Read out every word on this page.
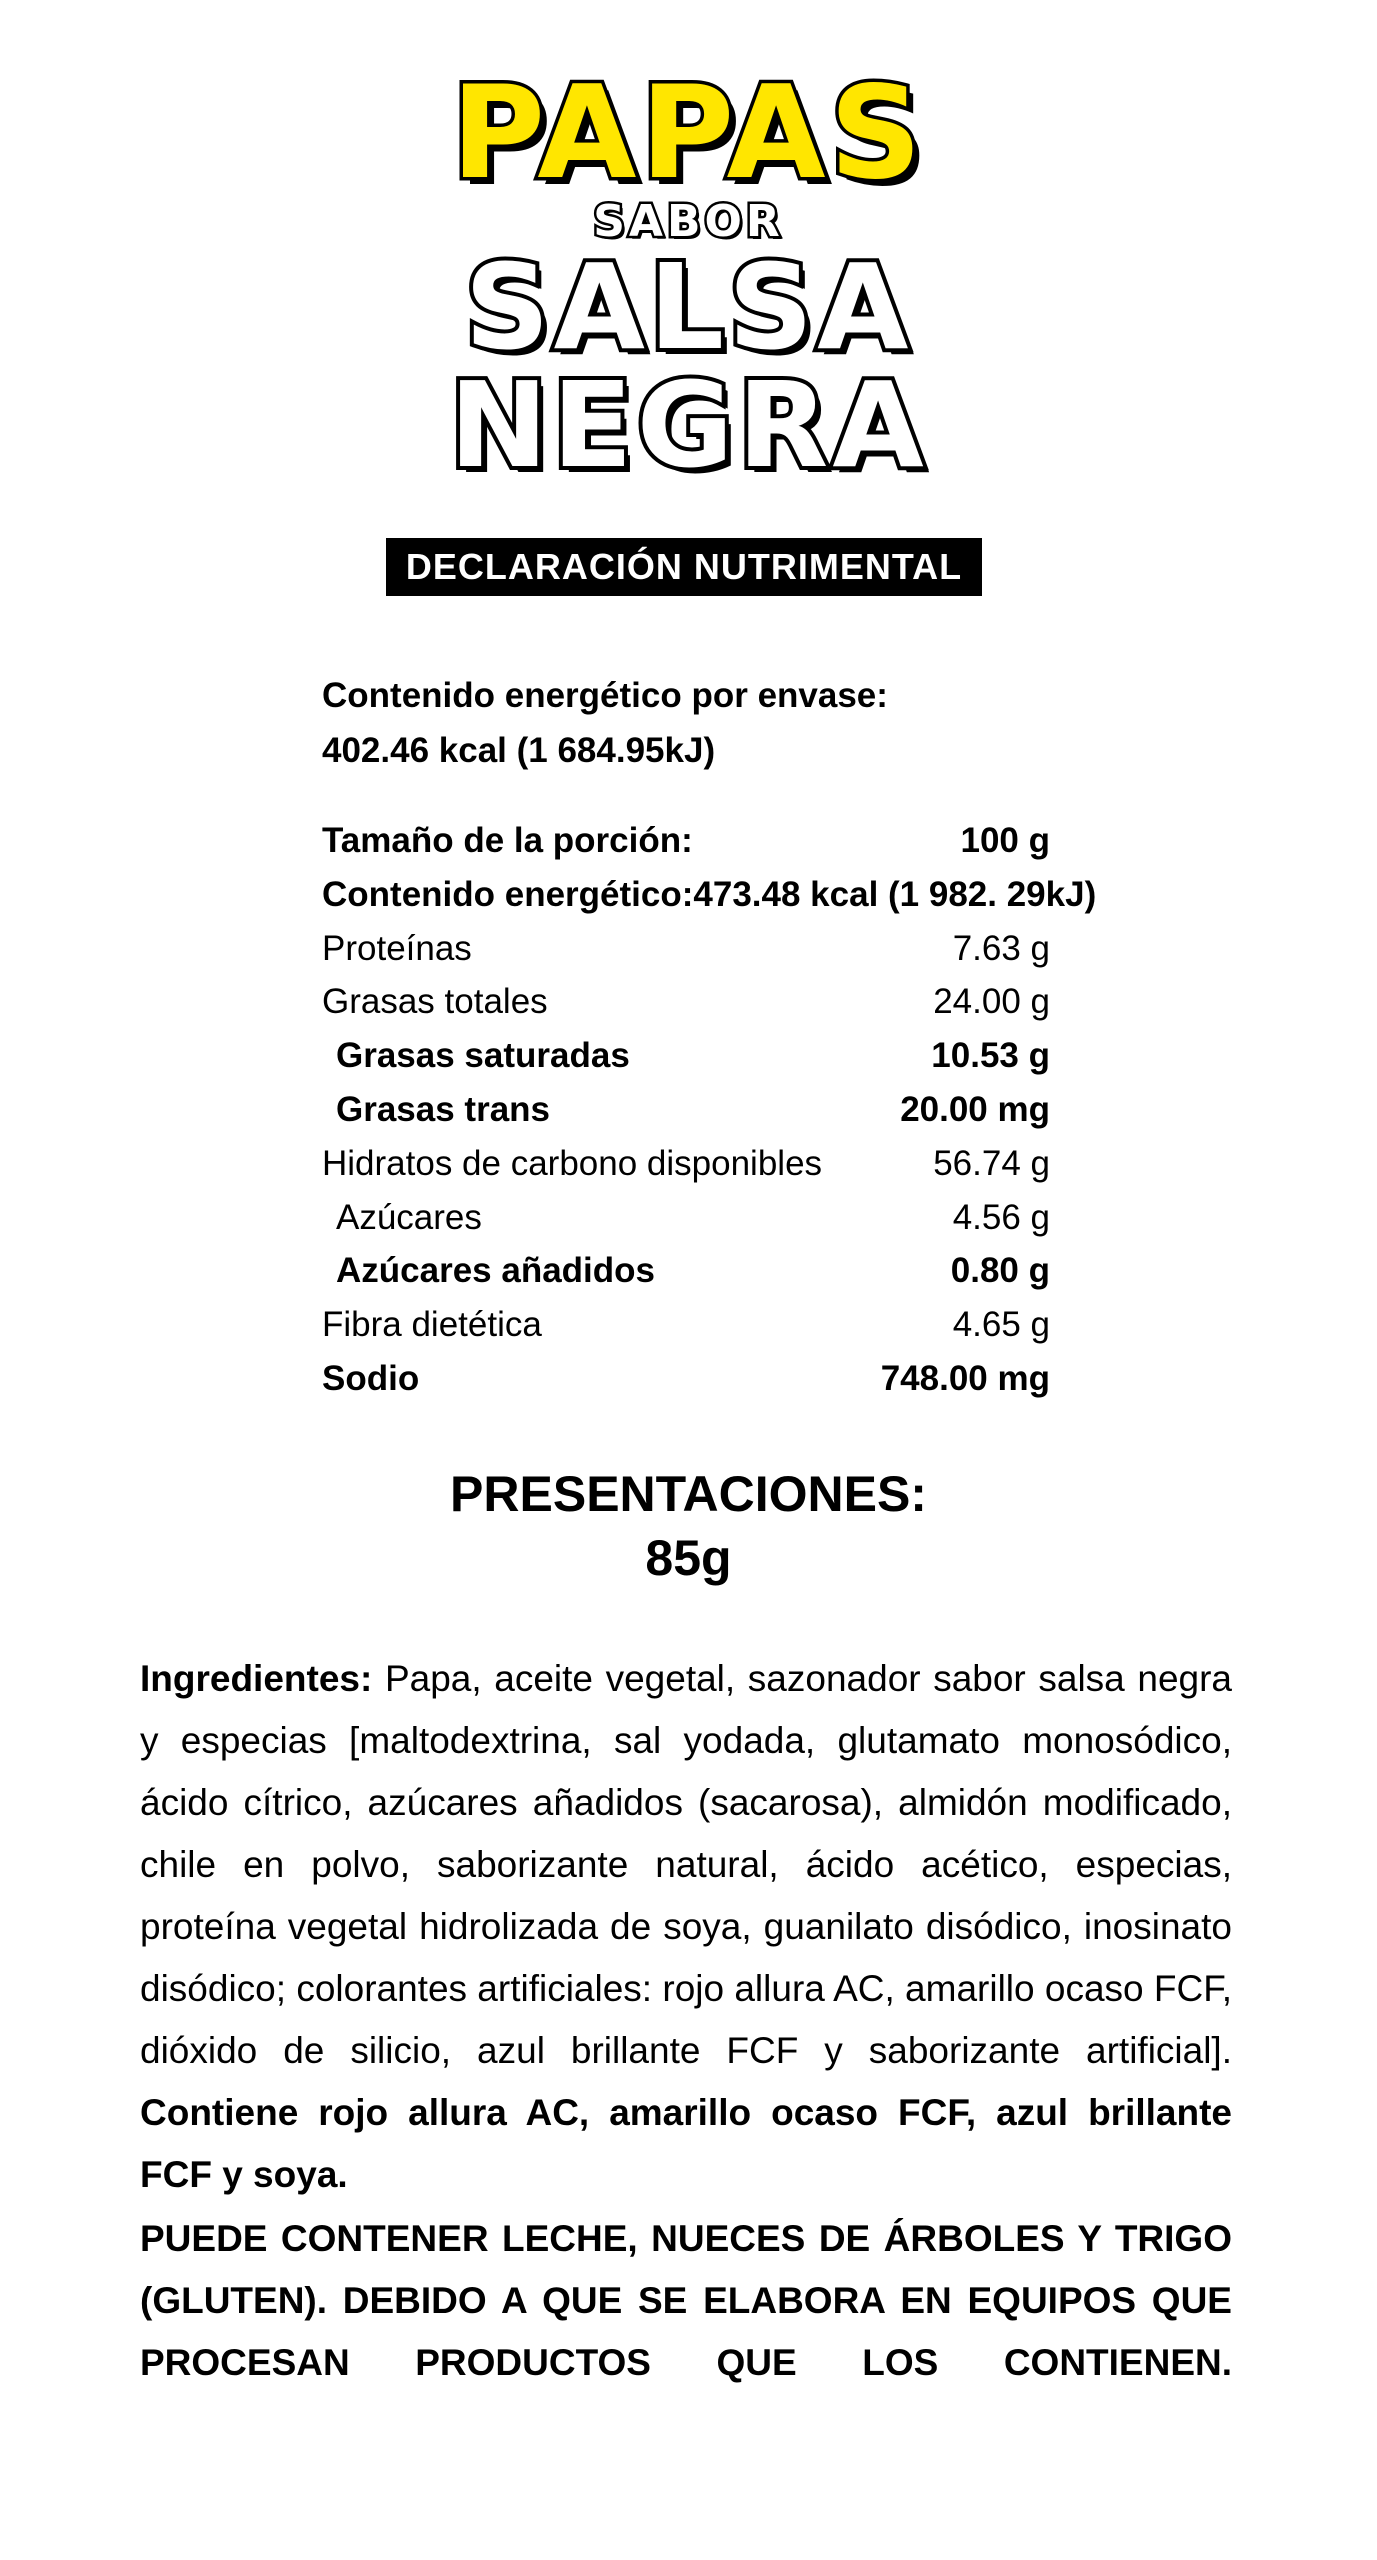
PAPAS
SABOR
SALSA
NEGRA
DECLARACIÓN NUTRIMENTAL
Contenido energético por envase:
402.46 kcal (1 684.95kJ)
Tamaño de la porción:	100 g
Contenido energético: 473.48 kcal (1 982. 29kJ)
Proteínas	7.63 g
Grasas totales	24.00 g
Grasas saturadas	10.53 g
Grasas trans	20.00 mg
Hidratos de carbono disponibles	56.74 g
Azúcares	4.56 g
Azúcares añadidos	0.80 g
Fibra dietética	4.65 g
Sodio	748.00 mg
PRESENTACIONES:
85g
Ingredientes: Papa, aceite vegetal, sazonador sabor salsa negra y especias [maltodextrina, sal yodada, glutamato monosódico, ácido cítrico, azúcares añadidos (sacarosa), almidón modificado, chile en polvo, saborizante natural, ácido acético, especias, proteína vegetal hidrolizada de soya, guanilato disódico, inosinato disódico; colorantes artificiales: rojo allura AC, amarillo ocaso FCF, dióxido de silicio, azul brillante FCF y saborizante artificial]. Contiene rojo allura AC, amarillo ocaso FCF, azul brillante FCF y soya.
PUEDE CONTENER LECHE, NUECES DE ÁRBOLES Y TRIGO (GLUTEN). DEBIDO A QUE SE ELABORA EN EQUIPOS QUE PROCESAN PRODUCTOS QUE LOS CONTIENEN.
